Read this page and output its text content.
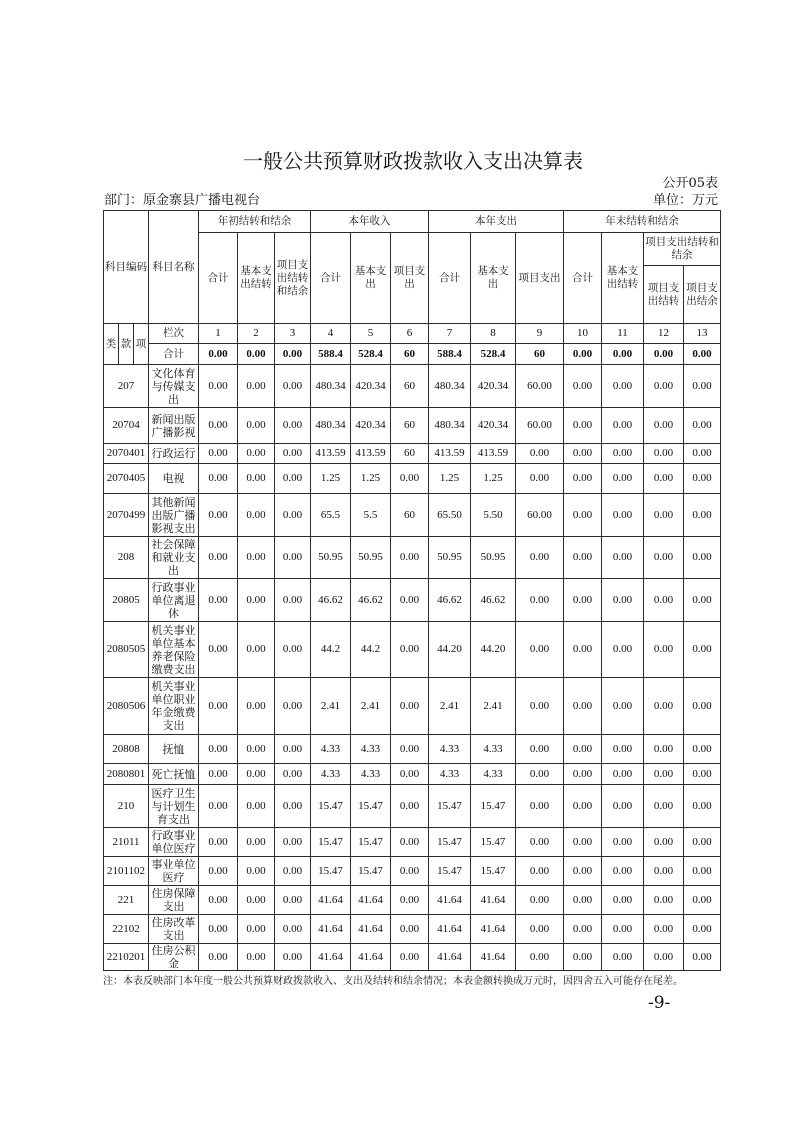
一般公共预算财政拨款收入支出决算表
公开05表
部门：原金寨县广播电视台	单位：万元
科目编码			科目名称	年初结转和结余			本年收入			本年支出			年末结转和结余			
				合计	基本支出结转	项目支出结转和结余	合计	基本支出	项目支出	合计	基本支出	项目支出	合计	基本支出结转	项目支出结转和结余	
															项目支出结转	项目支出结余
类	款	项	栏次	1	2	3	4	5	6	7	8	9	10	11	12	13
			合计	0.00	0.00	0.00	588.4	528.4	60	588.4	528.4	60	0.00	0.00	0.00	0.00
207			文化体育与传媒支出	0.00	0.00	0.00	480.34	420.34	60	480.34	420.34	60.00	0.00	0.00	0.00	0.00
20704			新闻出版广播影视	0.00	0.00	0.00	480.34	420.34	60	480.34	420.34	60.00	0.00	0.00	0.00	0.00
2070401			行政运行	0.00	0.00	0.00	413.59	413.59	60	413.59	413.59	0.00	0.00	0.00	0.00	0.00
2070405			电视	0.00	0.00	0.00	1.25	1.25	0.00	1.25	1.25	0.00	0.00	0.00	0.00	0.00
2070499			其他新闻出版广播影视支出	0.00	0.00	0.00	65.5	5.5	60	65.50	5.50	60.00	0.00	0.00	0.00	0.00
208			社会保障和就业支出	0.00	0.00	0.00	50.95	50.95	0.00	50.95	50.95	0.00	0.00	0.00	0.00	0.00
20805			行政事业单位离退休	0.00	0.00	0.00	46.62	46.62	0.00	46.62	46.62	0.00	0.00	0.00	0.00	0.00
2080505			机关事业单位基本养老保险缴费支出	0.00	0.00	0.00	44.2	44.2	0.00	44.20	44.20	0.00	0.00	0.00	0.00	0.00
2080506			机关事业单位职业年金缴费支出	0.00	0.00	0.00	2.41	2.41	0.00	2.41	2.41	0.00	0.00	0.00	0.00	0.00
20808			抚恤	0.00	0.00	0.00	4.33	4.33	0.00	4.33	4.33	0.00	0.00	0.00	0.00	0.00
2080801			死亡抚恤	0.00	0.00	0.00	4.33	4.33	0.00	4.33	4.33	0.00	0.00	0.00	0.00	0.00
210			医疗卫生与计划生育支出	0.00	0.00	0.00	15.47	15.47	0.00	15.47	15.47	0.00	0.00	0.00	0.00	0.00
21011			行政事业单位医疗	0.00	0.00	0.00	15.47	15.47	0.00	15.47	15.47	0.00	0.00	0.00	0.00	0.00
2101102			事业单位医疗	0.00	0.00	0.00	15.47	15.47	0.00	15.47	15.47	0.00	0.00	0.00	0.00	0.00
221			住房保障支出	0.00	0.00	0.00	41.64	41.64	0.00	41.64	41.64	0.00	0.00	0.00	0.00	0.00
22102			住房改革支出	0.00	0.00	0.00	41.64	41.64	0.00	41.64	41.64	0.00	0.00	0.00	0.00	0.00
2210201			住房公积金	0.00	0.00	0.00	41.64	41.64	0.00	41.64	41.64	0.00	0.00	0.00	0.00	0.00
注：本表反映部门本年度一般公共预算财政拨款收入、支出及结转和结余情况；本表金额转换成万元时，因四舍五入可能存在尾差。
-9-
